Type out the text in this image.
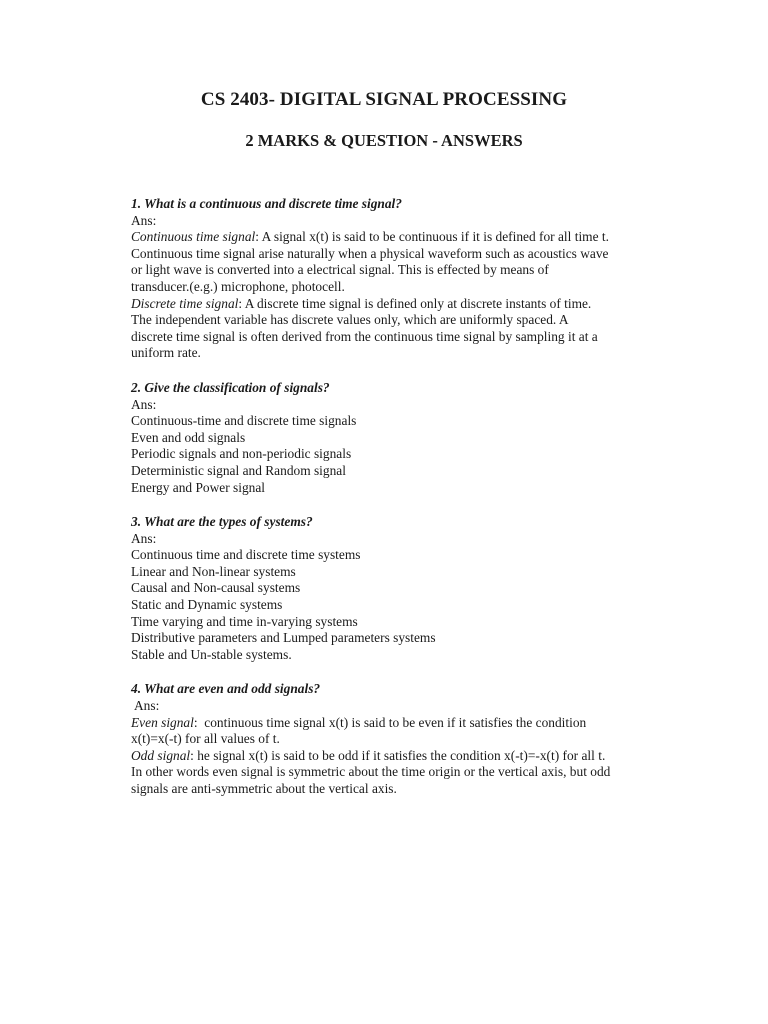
CS 2403- DIGITAL SIGNAL PROCESSING
2 MARKS & QUESTION - ANSWERS

1. What is a continuous and discrete time signal?

Ans:

Continuous time signal: A signal x(t) is said to be continuous if it is defined for all time t.

Continuous time signal arise naturally when a physical waveform such as acoustics wave

or light wave is converted into a electrical signal. This is effected by means of

transducer.(e.g.) microphone, photocell.

Discrete time signal: A discrete time signal is defined only at discrete instants of time.

The independent variable has discrete values only, which are uniformly spaced. A

discrete time signal is often derived from the continuous time signal by sampling it at a

uniform rate.

2. Give the classification of signals?

Ans:

Continuous-time and discrete time signals
Even and odd signals
Periodic signals and non-periodic signals
Deterministic signal and Random signal
Energy and Power signal

3. What are the types of systems?

Ans:

Continuous time and discrete time systems
Linear and Non-linear systems
Causal and Non-causal systems
Static and Dynamic systems
Time varying and time in-varying systems
Distributive parameters and Lumped parameters systems
Stable and Un-stable systems.

4. What are even and odd signals?

Ans:

Even signal:  continuous time signal x(t) is said to be even if it satisfies the condition

x(t)=x(-t) for all values of t.

Odd signal: he signal x(t) is said to be odd if it satisfies the condition x(-t)=-x(t) for all t.

In other words even signal is symmetric about the time origin or the vertical axis, but odd

signals are anti-symmetric about the vertical axis.
